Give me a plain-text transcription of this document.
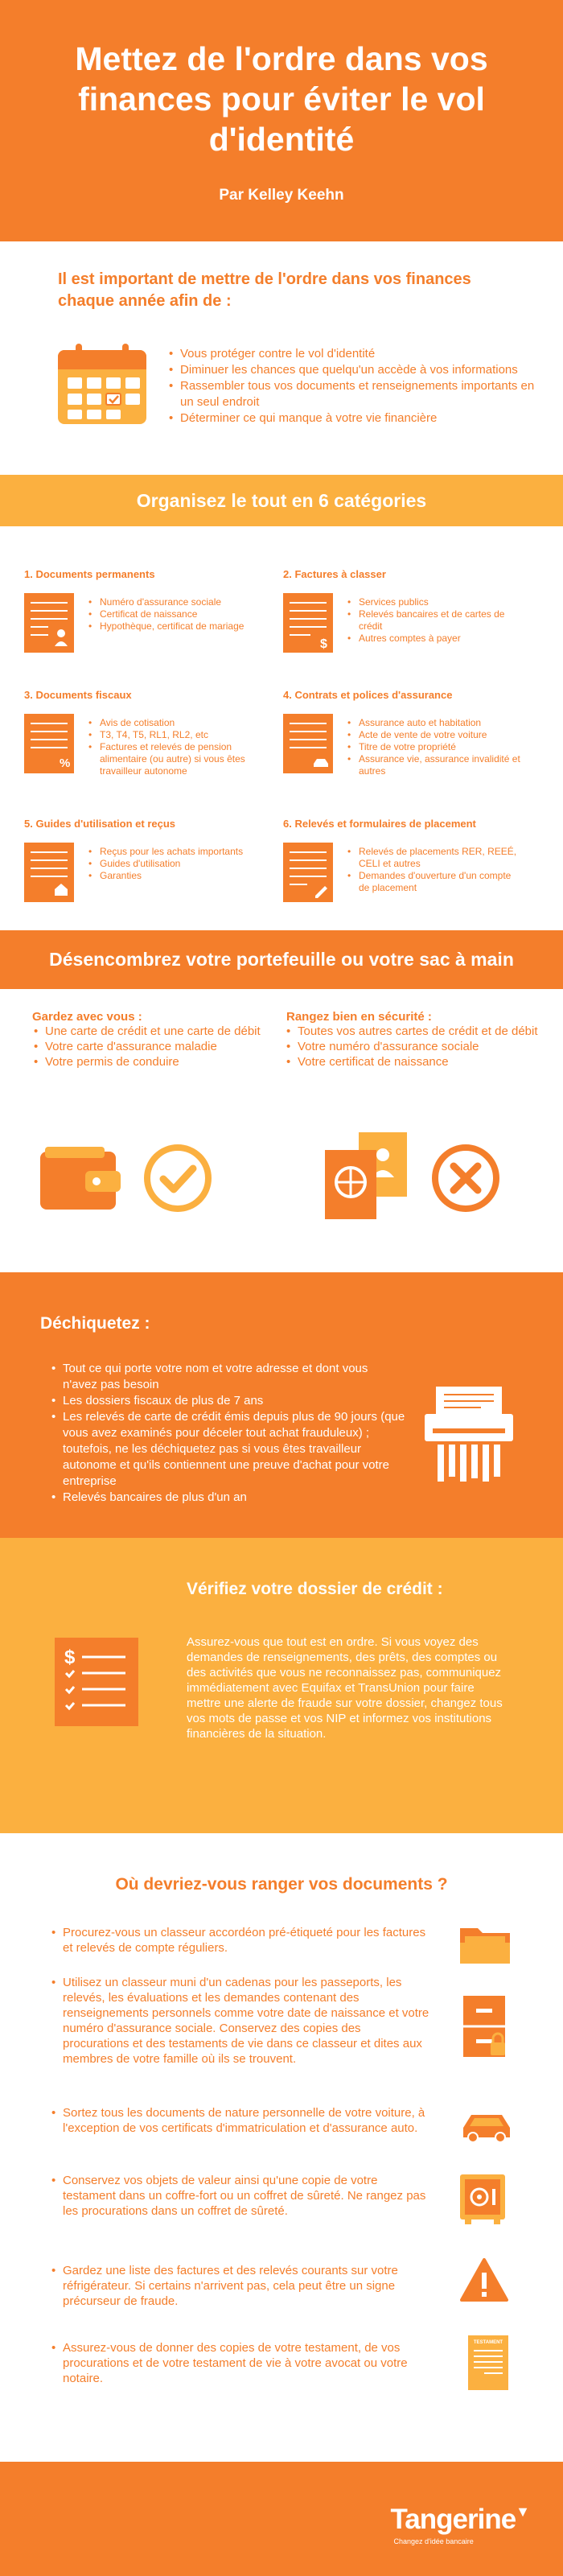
Mettez de l'ordre dans vos finances pour éviter le vol d'identité
Par Kelley Keehn
Il est important de mettre de l'ordre dans vos finances chaque année afin de :
• Vous protéger contre le vol d'identité
• Diminuer les chances que quelqu'un accède à vos informations
• Rassembler tous vos documents et renseignements importants en un seul endroit
• Déterminer ce qui manque à votre vie financière
Organisez le tout en 6 catégories
1. Documents permanents
• Numéro d'assurance sociale
• Certificat de naissance
• Hypothèque, certificat de mariage
2. Factures à classer
$
• Services publics
• Relevés bancaires et de cartes de crédit
• Autres comptes à payer
3. Documents fiscaux
%
• Avis de cotisation
• T3, T4, T5, RL1, RL2, etc
• Factures et relevés de pension alimentaire (ou autre) si vous êtes travailleur autonome
4. Contrats et polices d'assurance
• Assurance auto et habitation
• Acte de vente de votre voiture
• Titre de votre propriété
• Assurance vie, assurance invalidité et autres
5. Guides d'utilisation et reçus
• Reçus pour les achats importants
• Guides d'utilisation
• Garanties
6. Relevés et formulaires de placement
• Relevés de placements RER, REEÉ, CELI et autres
• Demandes d'ouverture d'un compte de placement
Désencombrez votre portefeuille ou votre sac à main
Gardez avec vous :
• Une carte de crédit et une carte de débit
• Votre carte d'assurance maladie
• Votre permis de conduire
Rangez bien en sécurité :
• Toutes vos autres cartes de crédit et de débit
• Votre numéro d'assurance sociale
• Votre certificat de naissance
Déchiquetez :
• Tout ce qui porte votre nom et votre adresse et dont vous n'avez pas besoin
• Les dossiers fiscaux de plus de 7 ans
• Les relevés de carte de crédit émis depuis plus de 90 jours (que vous avez examinés pour déceler tout achat frauduleux) ; toutefois, ne les déchiquetez pas si vous êtes travailleur autonome et qu'ils contiennent une preuve d'achat pour votre entreprise
• Relevés bancaires de plus d'un an
Vérifiez votre dossier de crédit :
$

Assurez-vous que tout est en ordre. Si vous voyez des demandes de renseignements, des prêts, des comptes ou des activités que vous ne reconnaissez pas, communiquez immédiatement avec Equifax et TransUnion pour faire mettre une alerte de fraude sur votre dossier, changez tous vos mots de passe et vos NIP et informez vos institutions financières de la situation.

Où devriez-vous ranger vos documents ?
• Procurez-vous un classeur accordéon pré-étiqueté pour les factures et relevés de compte réguliers.
• Utilisez un classeur muni d'un cadenas pour les passeports, les relevés, les évaluations et les demandes contenant des renseignements personnels comme votre date de naissance et votre numéro d'assurance sociale. Conservez des copies des procurations et des testaments de vie dans ce classeur et dites aux membres de votre famille où ils se trouvent.
• Sortez tous les documents de nature personnelle de votre voiture, à l'exception de vos certificats d'immatriculation et d'assurance auto.
• Conservez vos objets de valeur ainsi qu'une copie de votre testament dans un coffre-fort ou un coffret de sûreté. Ne rangez pas les procurations dans un coffret de sûreté.
• Gardez une liste des factures et des relevés courants sur votre réfrigérateur. Si certains n'arrivent pas, cela peut être un signe précurseur de fraude.
• Assurez-vous de donner des copies de votre testament, de vos procurations et de votre testament de vie à votre avocat ou votre notaire.
TESTAMENT
Tangerine▼
Changez d'idée bancaire
